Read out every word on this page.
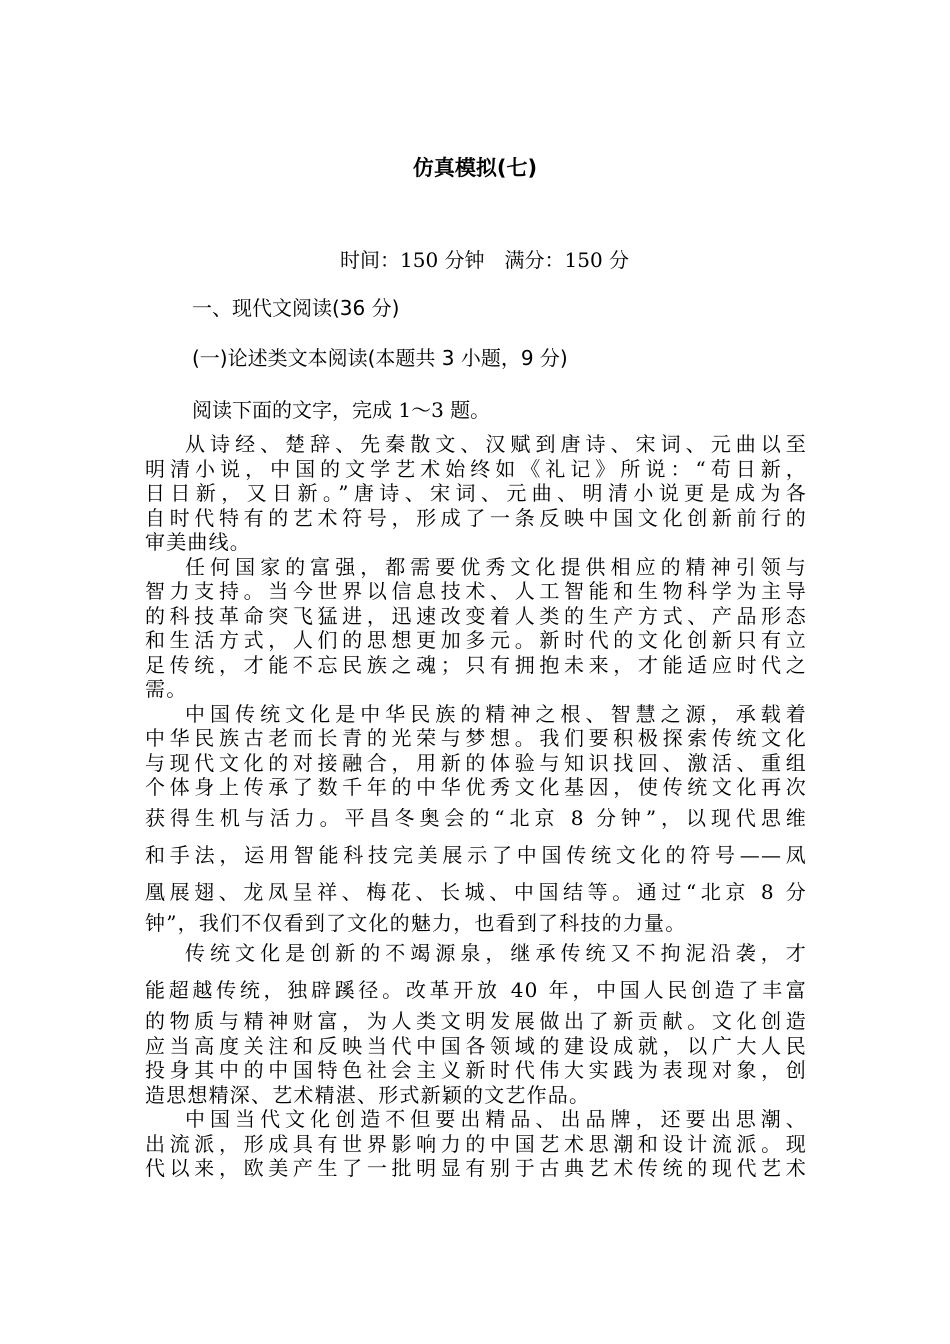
仿真模拟(七)
时间：150 分钟　满分：150 分
一、现代文阅读(36 分)
(一)论述类文本阅读(本题共 3 小题，9 分)
阅读下面的文字，完成 1～3 题。
从诗经、楚辞、先秦散文、汉赋到唐诗、宋词、元曲以至
明清小说，中国的文学艺术始终如《礼记》所说：“苟日新，
日日新，又日新。”唐诗、宋词、元曲、明清小说更是成为各
自时代特有的艺术符号，形成了一条反映中国文化创新前行的
审美曲线。
任何国家的富强，都需要优秀文化提供相应的精神引领与
智力支持。当今世界以信息技术、人工智能和生物科学为主导
的科技革命突飞猛进，迅速改变着人类的生产方式、产品形态
和生活方式，人们的思想更加多元。新时代的文化创新只有立
足传统，才能不忘民族之魂；只有拥抱未来，才能适应时代之
需。
中国传统文化是中华民族的精神之根、智慧之源，承载着
中华民族古老而长青的光荣与梦想。我们要积极探索传统文化
与现代文化的对接融合，用新的体验与知识找回、激活、重组
个体身上传承了数千年的中华优秀文化基因，使传统文化再次
获得生机与活力。平昌冬奥会的“北京 8 分钟”，以现代思维
和手法，运用智能科技完美展示了中国传统文化的符号——凤
凰展翅、龙凤呈祥、梅花、长城、中国结等。通过“北京 8 分
钟”，我们不仅看到了文化的魅力，也看到了科技的力量。
传统文化是创新的不竭源泉，继承传统又不拘泥沿袭，才
能超越传统，独辟蹊径。改革开放 40 年，中国人民创造了丰富
的物质与精神财富，为人类文明发展做出了新贡献。文化创造
应当高度关注和反映当代中国各领域的建设成就，以广大人民
投身其中的中国特色社会主义新时代伟大实践为表现对象，创
造思想精深、艺术精湛、形式新颖的文艺作品。
中国当代文化创造不但要出精品、出品牌，还要出思潮、
出流派，形成具有世界影响力的中国艺术思潮和设计流派。现
代以来，欧美产生了一批明显有别于古典艺术传统的现代艺术
